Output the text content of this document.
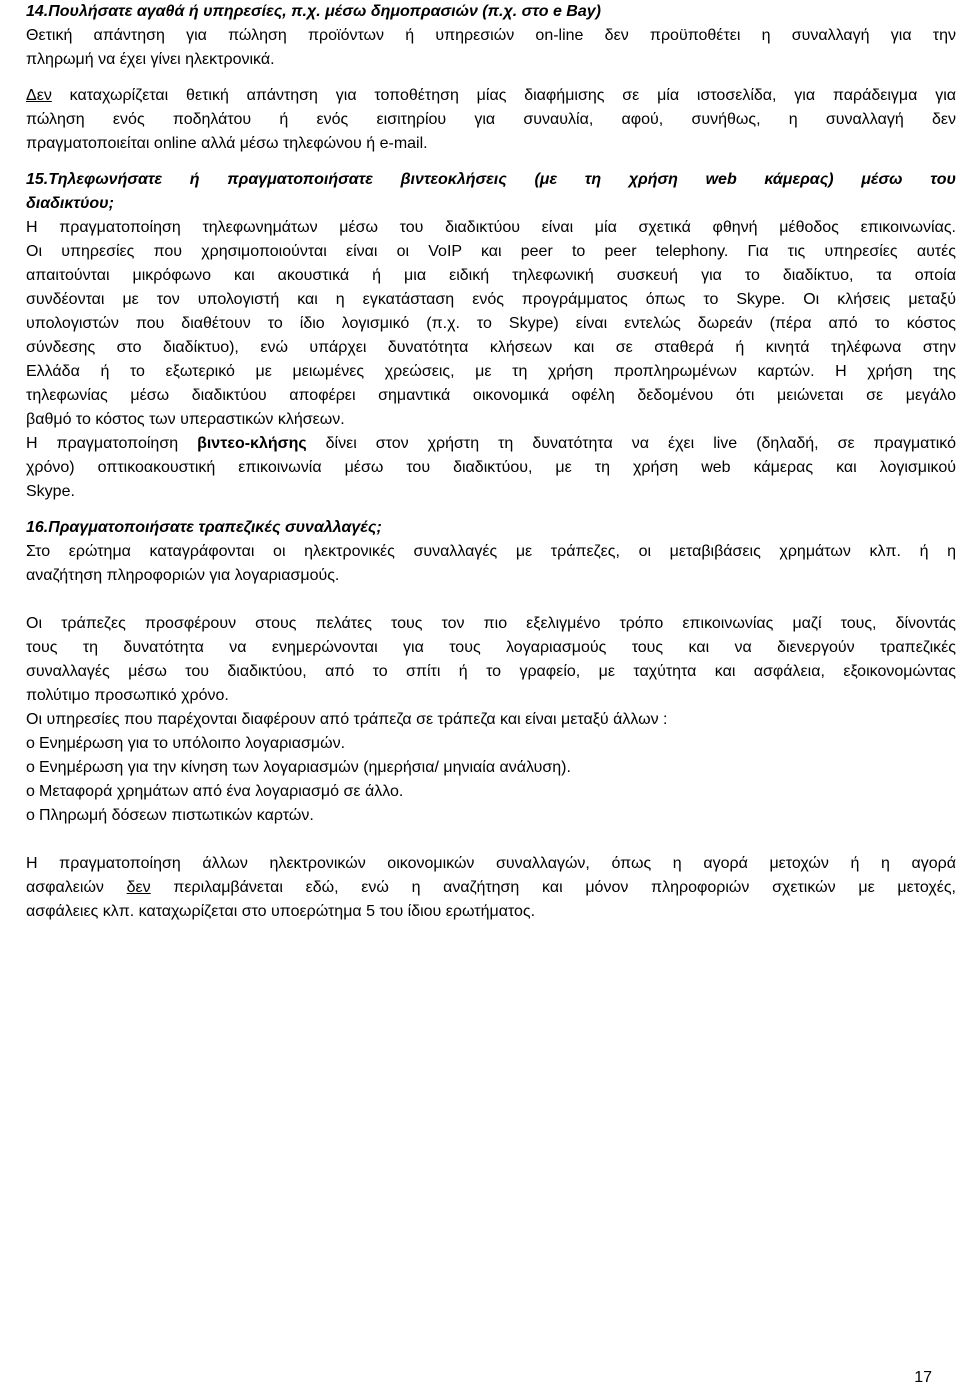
14.Πουλήσατε αγαθά ή υπηρεσίες, π.χ. μέσω δημοπρασιών (π.χ. στο e Bay)
Θετική απάντηση για πώληση προϊόντων ή υπηρεσιών on-line δεν προϋποθέτει η συναλλαγή για την
πληρωμή να έχει γίνει ηλεκτρονικά.
Δεν καταχωρίζεται θετική απάντηση για τοποθέτηση μίας διαφήμισης σε μία ιστοσελίδα, για παράδειγμα για
πώληση ενός ποδηλάτου ή ενός εισιτηρίου για συναυλία, αφού, συνήθως, η συναλλαγή δεν
πραγματοποιείται online αλλά μέσω τηλεφώνου ή e-mail.
15.Τηλεφωνήσατε ή πραγματοποιήσατε βιντεοκλήσεις (με τη χρήση web κάμερας) μέσω του
διαδικτύου;
Η πραγματοποίηση τηλεφωνημάτων μέσω του διαδικτύου είναι μία σχετικά φθηνή μέθοδος επικοινωνίας.
Οι υπηρεσίες που χρησιμοποιούνται είναι οι VoIP και peer to peer telephony. Για τις υπηρεσίες αυτές
απαιτούνται μικρόφωνο και ακουστικά ή μια ειδική τηλεφωνική συσκευή για το διαδίκτυο, τα οποία
συνδέονται με τον υπολογιστή και η εγκατάσταση ενός προγράμματος όπως το Skype. Οι κλήσεις μεταξύ
υπολογιστών που διαθέτουν το ίδιο λογισμικό (π.χ. το Skype) είναι εντελώς δωρεάν (πέρα από το κόστος
σύνδεσης στο διαδίκτυο), ενώ υπάρχει δυνατότητα κλήσεων και σε σταθερά ή κινητά τηλέφωνα στην
Ελλάδα ή το εξωτερικό με μειωμένες χρεώσεις, με τη χρήση προπληρωμένων καρτών. Η χρήση της
τηλεφωνίας μέσω διαδικτύου αποφέρει σημαντικά οικονομικά οφέλη δεδομένου ότι μειώνεται σε μεγάλο
βαθμό το κόστος των υπεραστικών κλήσεων.
Η πραγματοποίηση βιντεο-κλήσης δίνει στον χρήστη τη δυνατότητα να έχει live (δηλαδή, σε πραγματικό
χρόνο) οπτικοακουστική επικοινωνία μέσω του διαδικτύου, με τη χρήση web κάμερας και λογισμικού
Skype.
16.Πραγματοποιήσατε τραπεζικές συναλλαγές;
Στο ερώτημα καταγράφονται οι ηλεκτρονικές συναλλαγές με τράπεζες, οι μεταβιβάσεις χρημάτων κλπ. ή η
αναζήτηση πληροφοριών για λογαριασμούς.
Οι τράπεζες προσφέρουν στους πελάτες τους τον πιο εξελιγμένο τρόπο επικοινωνίας μαζί τους, δίνοντάς
τους τη δυνατότητα να ενημερώνονται για τους λογαριασμούς τους και να διενεργούν τραπεζικές
συναλλαγές μέσω του διαδικτύου, από το σπίτι ή το γραφείο, με ταχύτητα και ασφάλεια, εξοικονομώντας
πολύτιμο προσωπικό χρόνο.
Οι υπηρεσίες που παρέχονται διαφέρουν από τράπεζα σε τράπεζα και είναι μεταξύ άλλων :
o Ενημέρωση για το υπόλοιπο λογαριασμών.
o Ενημέρωση για την κίνηση των λογαριασμών (ημερήσια/ μηνιαία ανάλυση).
o Μεταφορά χρημάτων από ένα λογαριασμό σε άλλο.
o Πληρωμή δόσεων πιστωτικών καρτών.
Η πραγματοποίηση άλλων ηλεκτρονικών οικονομικών συναλλαγών, όπως η αγορά μετοχών ή η αγορά
ασφαλειών δεν περιλαμβάνεται εδώ, ενώ η αναζήτηση και μόνον πληροφοριών σχετικών με μετοχές,
ασφάλειες κλπ. καταχωρίζεται στο υποερώτημα 5 του ίδιου ερωτήματος.
17
